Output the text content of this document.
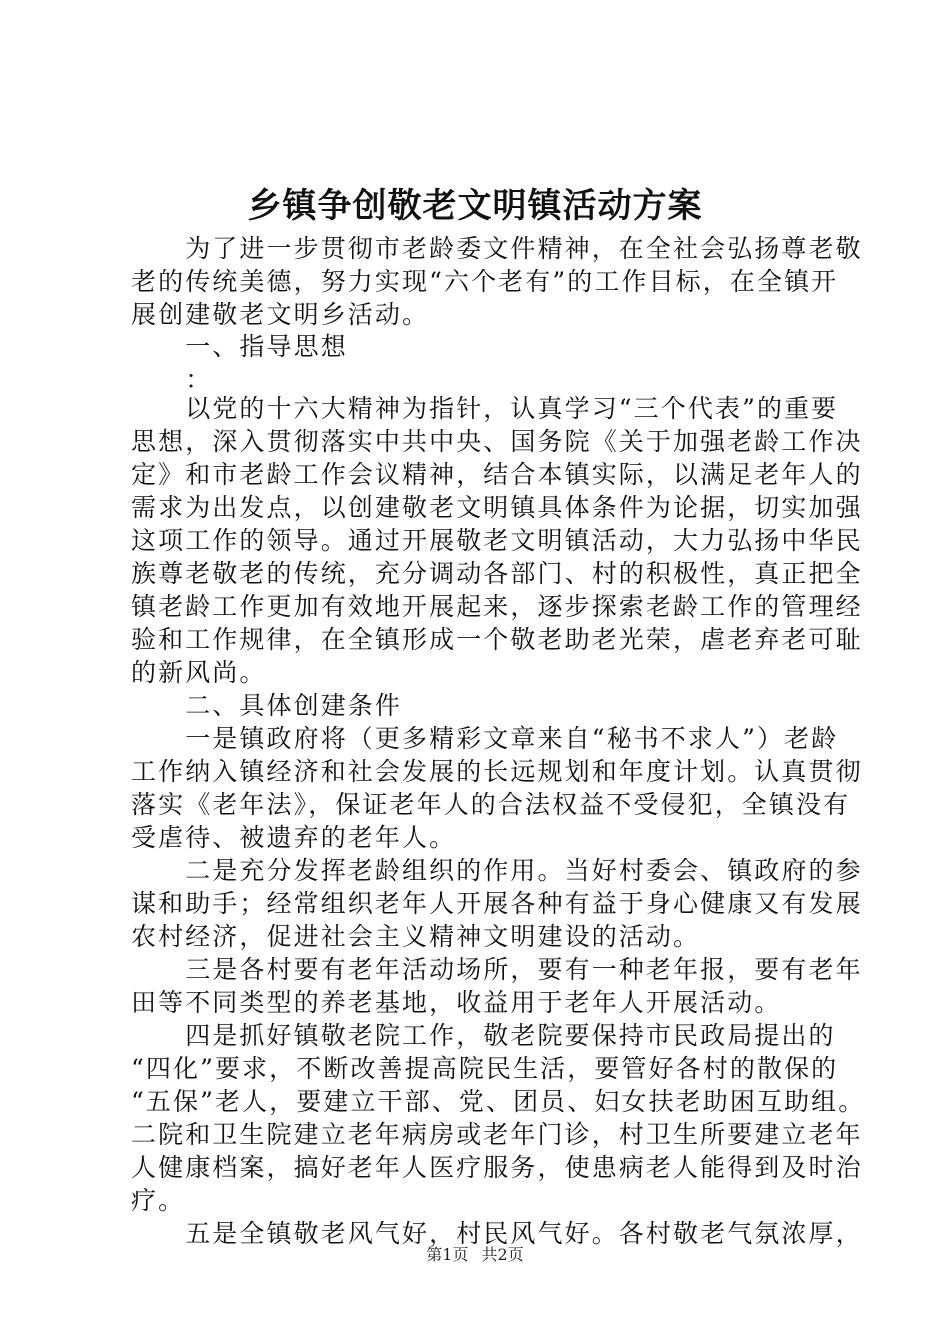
乡镇争创敬老文明镇活动方案
　　为了进一步贯彻市老龄委文件精神，在全社会弘扬尊老敬
老的传统美德，努力实现“六个老有”的工作目标，在全镇开
展创建敬老文明乡活动。
　　一、指导思想
　　：
　　以党的十六大精神为指针，认真学习“三个代表”的重要
思想，深入贯彻落实中共中央、国务院《关于加强老龄工作决
定》和市老龄工作会议精神，结合本镇实际，以满足老年人的
需求为出发点，以创建敬老文明镇具体条件为论据，切实加强
这项工作的领导。通过开展敬老文明镇活动，大力弘扬中华民
族尊老敬老的传统，充分调动各部门、村的积极性，真正把全
镇老龄工作更加有效地开展起来，逐步探索老龄工作的管理经
验和工作规律，在全镇形成一个敬老助老光荣，虐老弃老可耻
的新风尚。
　　二、具体创建条件
　　一是镇政府将（更多精彩文章来自“秘书不求人”）老龄
工作纳入镇经济和社会发展的长远规划和年度计划。认真贯彻
落实《老年法》，保证老年人的合法权益不受侵犯，全镇没有
受虐待、被遗弃的老年人。
　　二是充分发挥老龄组织的作用。当好村委会、镇政府的参
谋和助手；经常组织老年人开展各种有益于身心健康又有发展
农村经济，促进社会主义精神文明建设的活动。
　　三是各村要有老年活动场所，要有一种老年报，要有老年
田等不同类型的养老基地，收益用于老年人开展活动。
　　四是抓好镇敬老院工作，敬老院要保持市民政局提出的
“四化”要求，不断改善提高院民生活，要管好各村的散保的
“五保”老人，要建立干部、党、团员、妇女扶老助困互助组。
二院和卫生院建立老年病房或老年门诊，村卫生所要建立老年
人健康档案，搞好老年人医疗服务，使患病老人能得到及时治
疗。
　　五是全镇敬老风气好，村民风气好。各村敬老气氛浓厚，
第1页 共2页
